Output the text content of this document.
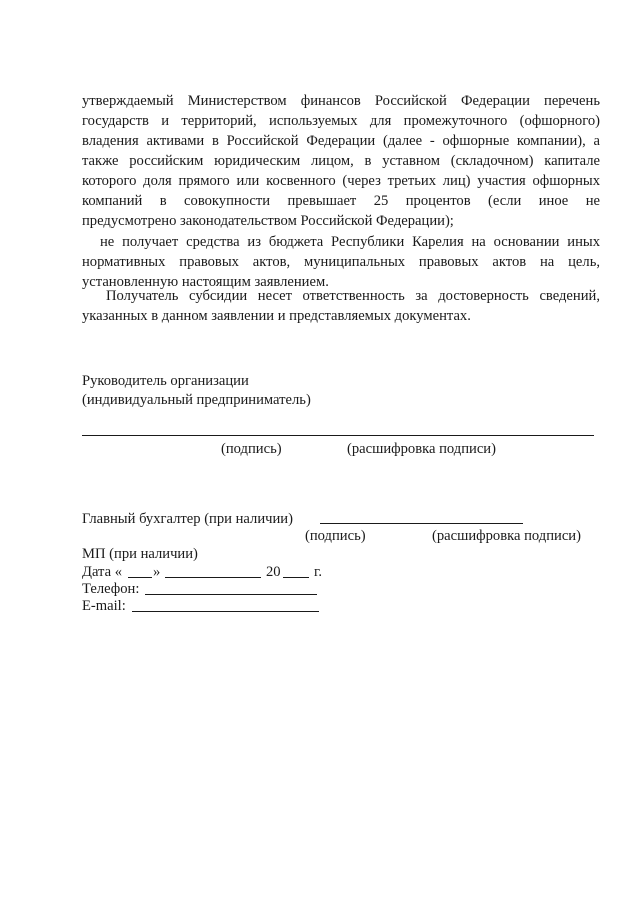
утверждаемый Министерством финансов Российской Федерации перечень
государств и территорий, используемых для промежуточного (офшорного)
владения активами в Российской Федерации (далее - офшорные компании), а
также российским юридическим лицом, в уставном (складочном) капитале
которого доля прямого или косвенного (через третьих лиц) участия офшорных
компаний в совокупности превышает 25 процентов (если иное не
предусмотрено законодательством Российской Федерации);
не получает средства из бюджета Республики Карелия на основании иных
нормативных правовых актов, муниципальных правовых актов на цель,
установленную настоящим заявлением.
Получатель субсидии несет ответственность за достоверность сведений,
указанных в данном заявлении и представляемых документах.
Руководитель организации
(индивидуальный предприниматель)
(подпись)	(расшифровка подписи)
Главный бухгалтер (при наличии)
(подпись)	(расшифровка подписи)
МП (при наличии)
Дата « »	20 г.
Телефон:
E-mail:
